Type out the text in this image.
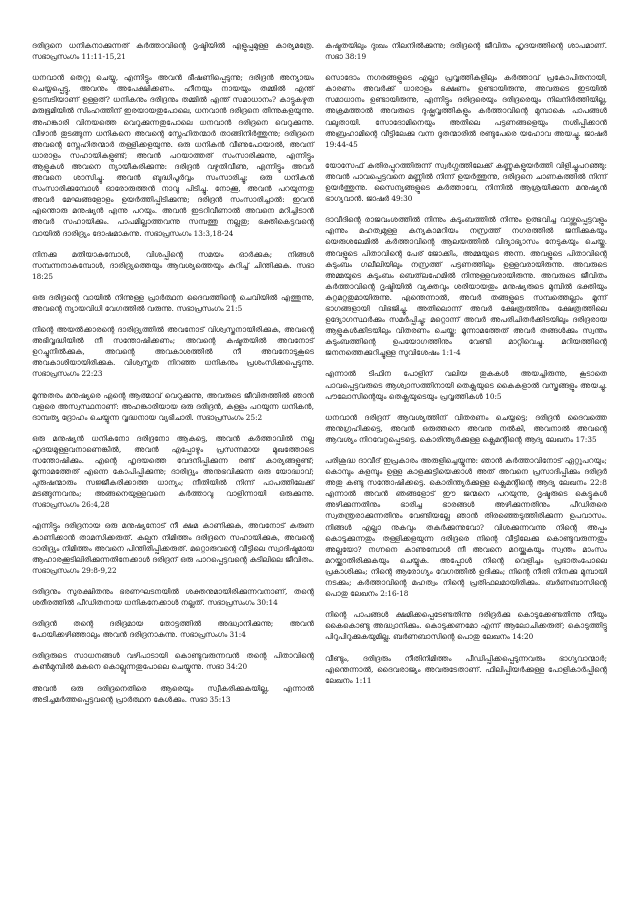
ദരിദ്രനെ ധനികനാക്കുന്നത് കർത്താവിന്റെ ദൃഷ്ടിയിൽ എളുപ്പമുള്ള കാര്യമത്രേ. സഭാപ്രസംഗം 11:11-15,21

ധനവാൻ തെറ്റു ചെയ്യു, എന്നിട്ടും അവൻ ഭീഷണിപ്പെടുന്നു; ദരിദ്രൻ അന്യായം ചെയ്യപ്പെട്ടു, അവനും അപേക്ഷിക്കണം. ഹീനയും നായയും തമ്മിൽ എന്ത് ഉടമ്പടിയാണ് ഉള്ളത്? ധനികനും ദരിദ്രനും തമ്മിൽ എന്ത് സമാധാനം? കാട്ടുകഴുത മരുഭൂമിയിൽ സിംഹത്തിന് ഇരയായതുപോലെ, ധനവാൻ ദരിദ്രനെ തിന്നുകളയുന്നു. അഹങ്കാരി വിനയത്തെ വെറുക്കുന്നതുപോലെ ധനവാൻ ദരിദ്രനെ വെറുക്കുന്നു. വീഴാൻ തുടങ്ങുന്ന ധനികനെ അവന്റെ സ്നേഹിതന്മാർ താങ്ങിനിർത്തുന്നു; ദരിദ്രനെ അവന്റെ സ്നേഹിതന്മാർ തള്ളിക്കളയുന്നു. ഒരു ധനികൻ വീണുപോയാൽ, അവന് ധാരാളം സഹായികളുണ്ട്; അവൻ പറയാത്തത് സംസാരിക്കുന്നു, എന്നിട്ടും ആളുകൾ അവനെ ന്യായീകരിക്കുന്നു: ദരിദ്രൻ വഴുതിവീണു, എന്നിട്ടും അവർ അവനെ ശാസിച്ചു. അവൻ ബുദ്ധിപൂർവ്വം സംസാരിച്ചു; ഒരു ധനികൻ സംസാരിക്കുമ്പോൾ ഓരോരുത്തൻ നാവു പിടിച്ചു. നോക്കൂ, അവൻ പറയുന്നതു അവർ മേഘങ്ങളോളം ഉയർത്തിപ്പിടിക്കുന്നു; ദരിദ്രൻ സംസാരിച്ചാൽ: ഇവൻ എന്തൊരു മനുഷ്യൻ എന്നു പറയും. അവൻ ഇടറിവീണാൽ അവനെ മറിച്ചിടാൻ അവർ സഹായിക്കും. പാപമില്ലാത്തവന്നു സമ്പത്തു നല്ലതു; ഭക്തികെട്ടവന്റെ വായിൽ ദാരിദ്ര്യം ദോഷമാകുന്നു. സഭാപ്രസംഗം 13:3,18-24

നിനക്കു മതിയാകുമ്പോൾ, വിശപ്പിന്റെ സമയം ഓർക്കുക; നിങ്ങൾ സമ്പന്നനാകുമ്പോൾ, ദാരിദ്ര്യത്തെയും ആവശ്യത്തെയും കുറിച്ച് ചിന്തിക്കുക. സഭാ 18:25

ഒരു ദരിദ്രന്റെ വായിൽ നിന്നുള്ള പ്രാർത്ഥന ദൈവത്തിന്റെ ചെവിയിൽ എത്തുന്നു, അവന്റെ ന്യായവിധി വേഗത്തിൽ വരുന്നു. സഭാപ്രസംഗം 21:5

നിന്റെ അയൽക്കാരന്റെ ദാരിദ്ര്യത്തിൽ അവനോട് വിശ്വസ്തനായിരിക്കുക, അവന്റെ അഭിവൃദ്ധിയിൽ നീ സന്തോഷിക്കണം; അവന്റെ കഷ്ടതയിൽ അവനോട് ഉറച്ചുനിൽക്കുക, അവന്റെ അവകാശത്തിൽ നീ അവനോടുകൂടെ അവകാശിയായിരിക്കുക. വിശ്വസ്തത നിറഞ്ഞ ധനികനും പ്രശംസിക്കപ്പെടുന്നു. സഭാപ്രസംഗം 22:23

മൂന്നുതരം മനുഷ്യരെ എന്റെ ആത്മാവ് വെറുക്കുന്നു, അവരുടെ ജീവിതത്തിൽ ഞാൻ വളരെ അസ്വസ്ഥനാണ്: അഹങ്കാരിയായ ഒരു ദരിദ്രൻ, കള്ളം പറയുന്ന ധനികൻ, ദാമ്പത്യ ദ്രോഹം ചെയ്യുന്ന വൃദ്ധനായ വ്യഭിചാരി. സഭാപ്രസംഗം 25:2

ഒരു മനുഷ്യൻ ധനികനോ ദരിദ്രനോ ആകട്ടെ, അവൻ കർത്താവിൽ നല്ല ഹൃദയമുള്ളവനാണെങ്കിൽ, അവൻ എപ്പോഴും പ്രസന്നമായ മുഖത്തോടെ സന്തോഷിക്കും. എന്റെ ഹൃദയത്തെ വേദനിപ്പിക്കുന്ന രണ്ട് കാര്യങ്ങളുണ്ട്; മൂന്നാമത്തേത് എന്നെ കോപിപ്പിക്കുന്നു; ദാരിദ്ര്യം അനുഭവിക്കുന്ന ഒരു യോദ്ധാവ്; പുരുഷന്മാരും സജ്ജീകരിക്കാത്ത ധാന്യം; നീതിയിൽ നിന്ന് പാപത്തിലേക്ക് മടങ്ങുന്നവനും; അങ്ങനെയുള്ളവനെ കർത്താവു വാളിന്നായി ഒരുക്കുന്നു. സഭാപ്രസംഗം 26:4,28

എന്നിട്ടും ദരിദ്രനായ ഒരു മനുഷ്യനോട് നീ ക്ഷമ കാണിക്കുക, അവനോട് കരുണ കാണിക്കാൻ താമസിക്കരുത്. കല്പന നിമിത്തം ദരിദ്രനെ സഹായിക്കുക, അവന്റെ ദാരിദ്ര്യം നിമിത്തം അവനെ പിന്തിരിപ്പിക്കരുത്. മറ്റൊരുവന്റെ വീട്ടിലെ സ്വാദിഷ്ടമായ ആഹാരക്കൂടിലിരിക്കുന്നതിനേക്കാൾ ദരിദ്രന് ഒരു പാറപ്പെട്ടവന്റെ കുടിലിലെ ജീവിതം. സഭാപ്രസംഗം 29:8-9,22

ദരിദ്രനും സുരക്ഷിതനും ഭരണഘടനയിൽ ശക്തനുമായിരിക്കുന്നവനാണ്, തന്റെ ശരീരത്തിൽ പീഡിതനായ ധനികനേക്കാൾ നല്ലത്. സഭാപ്രസംഗം 30:14

ദരിദ്രൻ തന്റെ ദരിദ്രമായ തോട്ടത്തിൽ അദ്ധ്വാനിക്കുന്നു; അവൻ പോയിക്കഴിഞ്ഞാലും അവൻ ദരിദ്രനാകുന്നു. സഭാപ്രസംഗം 31:4

ദരിദ്രരുടെ സാധനങ്ങൾ വഴിപാടായി കൊണ്ടുവരുന്നവൻ തന്റെ പിതാവിന്റെ കൺമുമ്പിൽ മകനെ കൊല്ലുന്നതുപോലെ ചെയ്യുന്നു. സഭാ 34:20

അവൻ ഒരു ദരിദ്രനെതിരെ ആരെയും സ്വീകരിക്കുകയില്ല, എന്നാൽ അടിച്ചമർത്തപ്പെട്ടവന്റെ പ്രാർത്ഥന കേൾക്കും. സഭാ 35:13

കഷ്ടതയിലും ദുഃഖം നിലനിൽക്കുന്നു; ദരിദ്രന്റെ ജീവിതം ഹൃദയത്തിന്റെ ശാപമാണ്. സഭാ 38:19

സൊദോം നഗരങ്ങളുടെ എല്ലാ പ്രവൃത്തികളിലും കർത്താവ് പ്രകോപിതനായി, കാരണം അവർക്ക് ധാരാളം ഭക്ഷണം ഉണ്ടായിരുന്നു, അവരുടെ ഇടയിൽ സമാധാനം ഉണ്ടായിരുന്നു, എന്നിട്ടും ദരിദ്രരെയും ദരിദ്രരെയും നിലനിർത്തിയില്ല, അക്രമത്താൽ അവരുടെ ദുഷ്പ്രവൃത്തികളും കർത്താവിന്റെ മുമ്പാകെ പാപങ്ങൾ വലുതായി. സോദോമിനെയും അതിലെ പട്ടണങ്ങളെയും നശിപ്പിക്കാൻ അബ്രഹാമിന്റെ വീട്ടിലേക്കു വന്ന ദൂതന്മാരിൽ രണ്ടുപേരെ യഹോവ അയച്ചു. ജാഷർ 19:44-45

യോസേഫ് കുതിരപ്പുറത്തിരുന്ന് സ്വർഗ്ഗത്തിലേക്ക് കണ്ണുകളുയർത്തി വിളിച്ചുപറഞ്ഞു: അവൻ പാവപ്പെട്ടവനെ മണ്ണിൽ നിന്ന് ഉയർത്തുന്നു, ദരിദ്രനെ ചാണകത്തിൽ നിന്ന് ഉയർത്തുന്നു. സൈന്യങ്ങളുടെ കർത്താവേ, നിന്നിൽ ആശ്രയിക്കുന്ന മനുഷ്യൻ ഭാഗ്യവാൻ. ജാഷർ 49:30

ദാവീദിന്റെ രാജവംശത്തിൽ നിന്നും കുടുംബത്തിൽ നിന്നും ഉത്ഭവിച്ച വാഴ്ത്തപ്പെട്ടവളും എന്നും മഹത്വമുള്ള കന്യകാമറിയം നസ്രത്ത് നഗരത്തിൽ ജനിക്കുകയും യെരുശലേമിൽ കർത്താവിന്റെ ആലയത്തിൽ വിദ്യാഭ്യാസം നേടുകയും ചെയ്തു. അവളുടെ പിതാവിന്റെ പേര് ജോക്കിം, അമ്മയുടെ അന്ന. അവളുടെ പിതാവിന്റെ കുടുംബം ഗലീലിയിലും നസ്രത്ത് പട്ടണത്തിലും ഉള്ളവരായിരുന്നു. അവരുടെ അമ്മയുടെ കുടുംബം ബെത്‌ലഹേമിൽ നിന്നുള്ളവരായിരുന്നു. അവരുടെ ജീവിതം കർത്താവിന്റെ ദൃഷ്ടിയിൽ വ്യക്തവും ശരിയായതും മനുഷ്യരുടെ മുമ്പിൽ ഭക്തിയും കുറ്റമറ്റതുമായിരുന്നു. എന്തെന്നാൽ, അവർ തങ്ങളുടെ സമ്പത്തെല്ലാം മൂന്ന് ഭാഗങ്ങളായി വിഭജിച്ചു. അതിലൊന്ന് അവർ ക്ഷേത്രത്തിനും ക്ഷേത്രത്തിലെ ഉദ്യോഗസ്ഥർക്കും സമർപ്പിച്ചു; മറ്റൊന്ന് അവർ അപരിചിതർക്കിടയിലും ദരിദ്രരായ ആളുകൾക്കിടയിലും വിതരണം ചെയ്തു; മൂന്നാമത്തേത് അവർ തങ്ങൾക്കും സ്വന്തം കുടുംബത്തിന്റെ ഉപയോഗത്തിനും വേണ്ടി മാറ്റിവെച്ചു. മറിയത്തിന്റെ ജനനത്തെക്കുറിച്ചുള്ള സുവിശേഷം 1:1-4

എന്നാൽ ടിഫിന പോളിന് വലിയ തുകകൾ അയച്ചിരുന്നു, കൂടാതെ പാവപ്പെട്ടവരുടെ ആശ്വാസത്തിനായി തെക്ലയുടെ കൈകളാൽ വസ്ത്രങ്ങളും അയച്ചു. പൗലോസിന്റെയും തെക്ലയുടെയും പ്രവൃത്തികൾ 10:5

ധനവാൻ ദരിദ്രന് ആവശ്യത്തിന് വിതരണം ചെയ്യട്ടെ; ദരിദ്രൻ ദൈവത്തെ അനുഗ്രഹിക്കട്ടെ, അവൻ ഒരുത്തനെ അവനു നൽകി, അവനാൽ അവന്റെ ആവശ്യം നിറവേറ്റപ്പെടട്ടെ. കൊരിന്ത്യർക്കുള്ള ക്ലെമന്റിന്റെ ആദ്യ ലേഖനം 17:35

പരിശുദ്ധ ദാവീദ് ഇപ്രകാരം അരുളിച്ചെയ്യുന്നു: ഞാൻ കർത്താവിനോട് ഏറ്റുപറയും; കൊമ്പും കുളമ്പും ഉള്ള കാളക്കുട്ടിയെക്കാൾ അത് അവനെ പ്രസാദിപ്പിക്കും ദരിദ്രർ അതു കണ്ടു സന്തോഷിക്കട്ടെ. കൊരിന്ത്യർക്കുള്ള ക്ലെമന്റിന്റെ ആദ്യ ലേഖനം 22:8 എന്നാൽ അവൻ ഞങ്ങളോട് ഈ ജന്മനെ പറയുന്നു, ദൃഷ്ടരുടെ കെട്ടുകൾ അഴിക്കുന്നതിനും ഭാരിച്ച ഭാരങ്ങൾ അഴിക്കുന്നതിനും പീഡിതരെ സ്വതന്ത്രരാക്കുന്നതിനും വേണ്ടിയല്ലേ ഞാൻ തിരഞ്ഞെടുത്തിരിക്കുന്ന ഉപവാസം. നിങ്ങൾ എല്ലാ നുകവും തകർക്കുന്നുവോ? വിശക്കുന്നവന്നു നിന്റെ അപ്പം കൊടുക്കുന്നതും തള്ളിക്കളയുന്ന ദരിദ്രരെ നിന്റെ വീട്ടിലേക്കു കൊണ്ടുവരുന്നതും അല്ലയോ? നഗ്നനെ കാണുമ്പോൾ നീ അവനെ മറയ്ക്കുകയും സ്വന്തം മാംസം മറയ്ക്കാതിരിക്കുകയും ചെയ്യുക. അപ്പോൾ നിന്റെ വെളിച്ചം പ്രഭാതംപോലെ പ്രകാശിക്കും; നിന്റെ ആരോഗ്യം വേഗത്തിൽ ഉദിക്കും; നിന്റെ നീതി നിനക്കു മുമ്പായി നടക്കും; കർത്താവിന്റെ മഹത്വം നിന്റെ പ്രതിഫലമായിരിക്കും. ബർണബാസിന്റെ പൊതു ലേഖനം 2:16-18

നിന്റെ പാപങ്ങൾ ക്ഷമിക്കപ്പെടേണ്ടതിന്നു ദരിദ്രർക്കു കൊടുക്കേണ്ടതിന്നു നീയും കൈകൊണ്ടു അദ്ധ്വാനിക്കും. കൊടുക്കണമോ എന്ന് ആലോചിക്കരുത്; കൊടുത്തിട്ടു പിറുപിറുക്കുകയുമില്ല. ബർണബാസിന്റെ പൊതു ലേഖനം 14:20

വീണ്ടും, ദരിദ്രരും നീതിനിമിത്തം പീഡിപ്പിക്കപ്പെടുന്നവരും ഭാഗ്യവാന്മാർ; എന്തെന്നാൽ, ദൈവരാജ്യം അവരുടേതാണ്. ഫിലിപ്പിയർക്കുള്ള പോളികാർപ്പിന്റെ ലേഖനം 1:11
